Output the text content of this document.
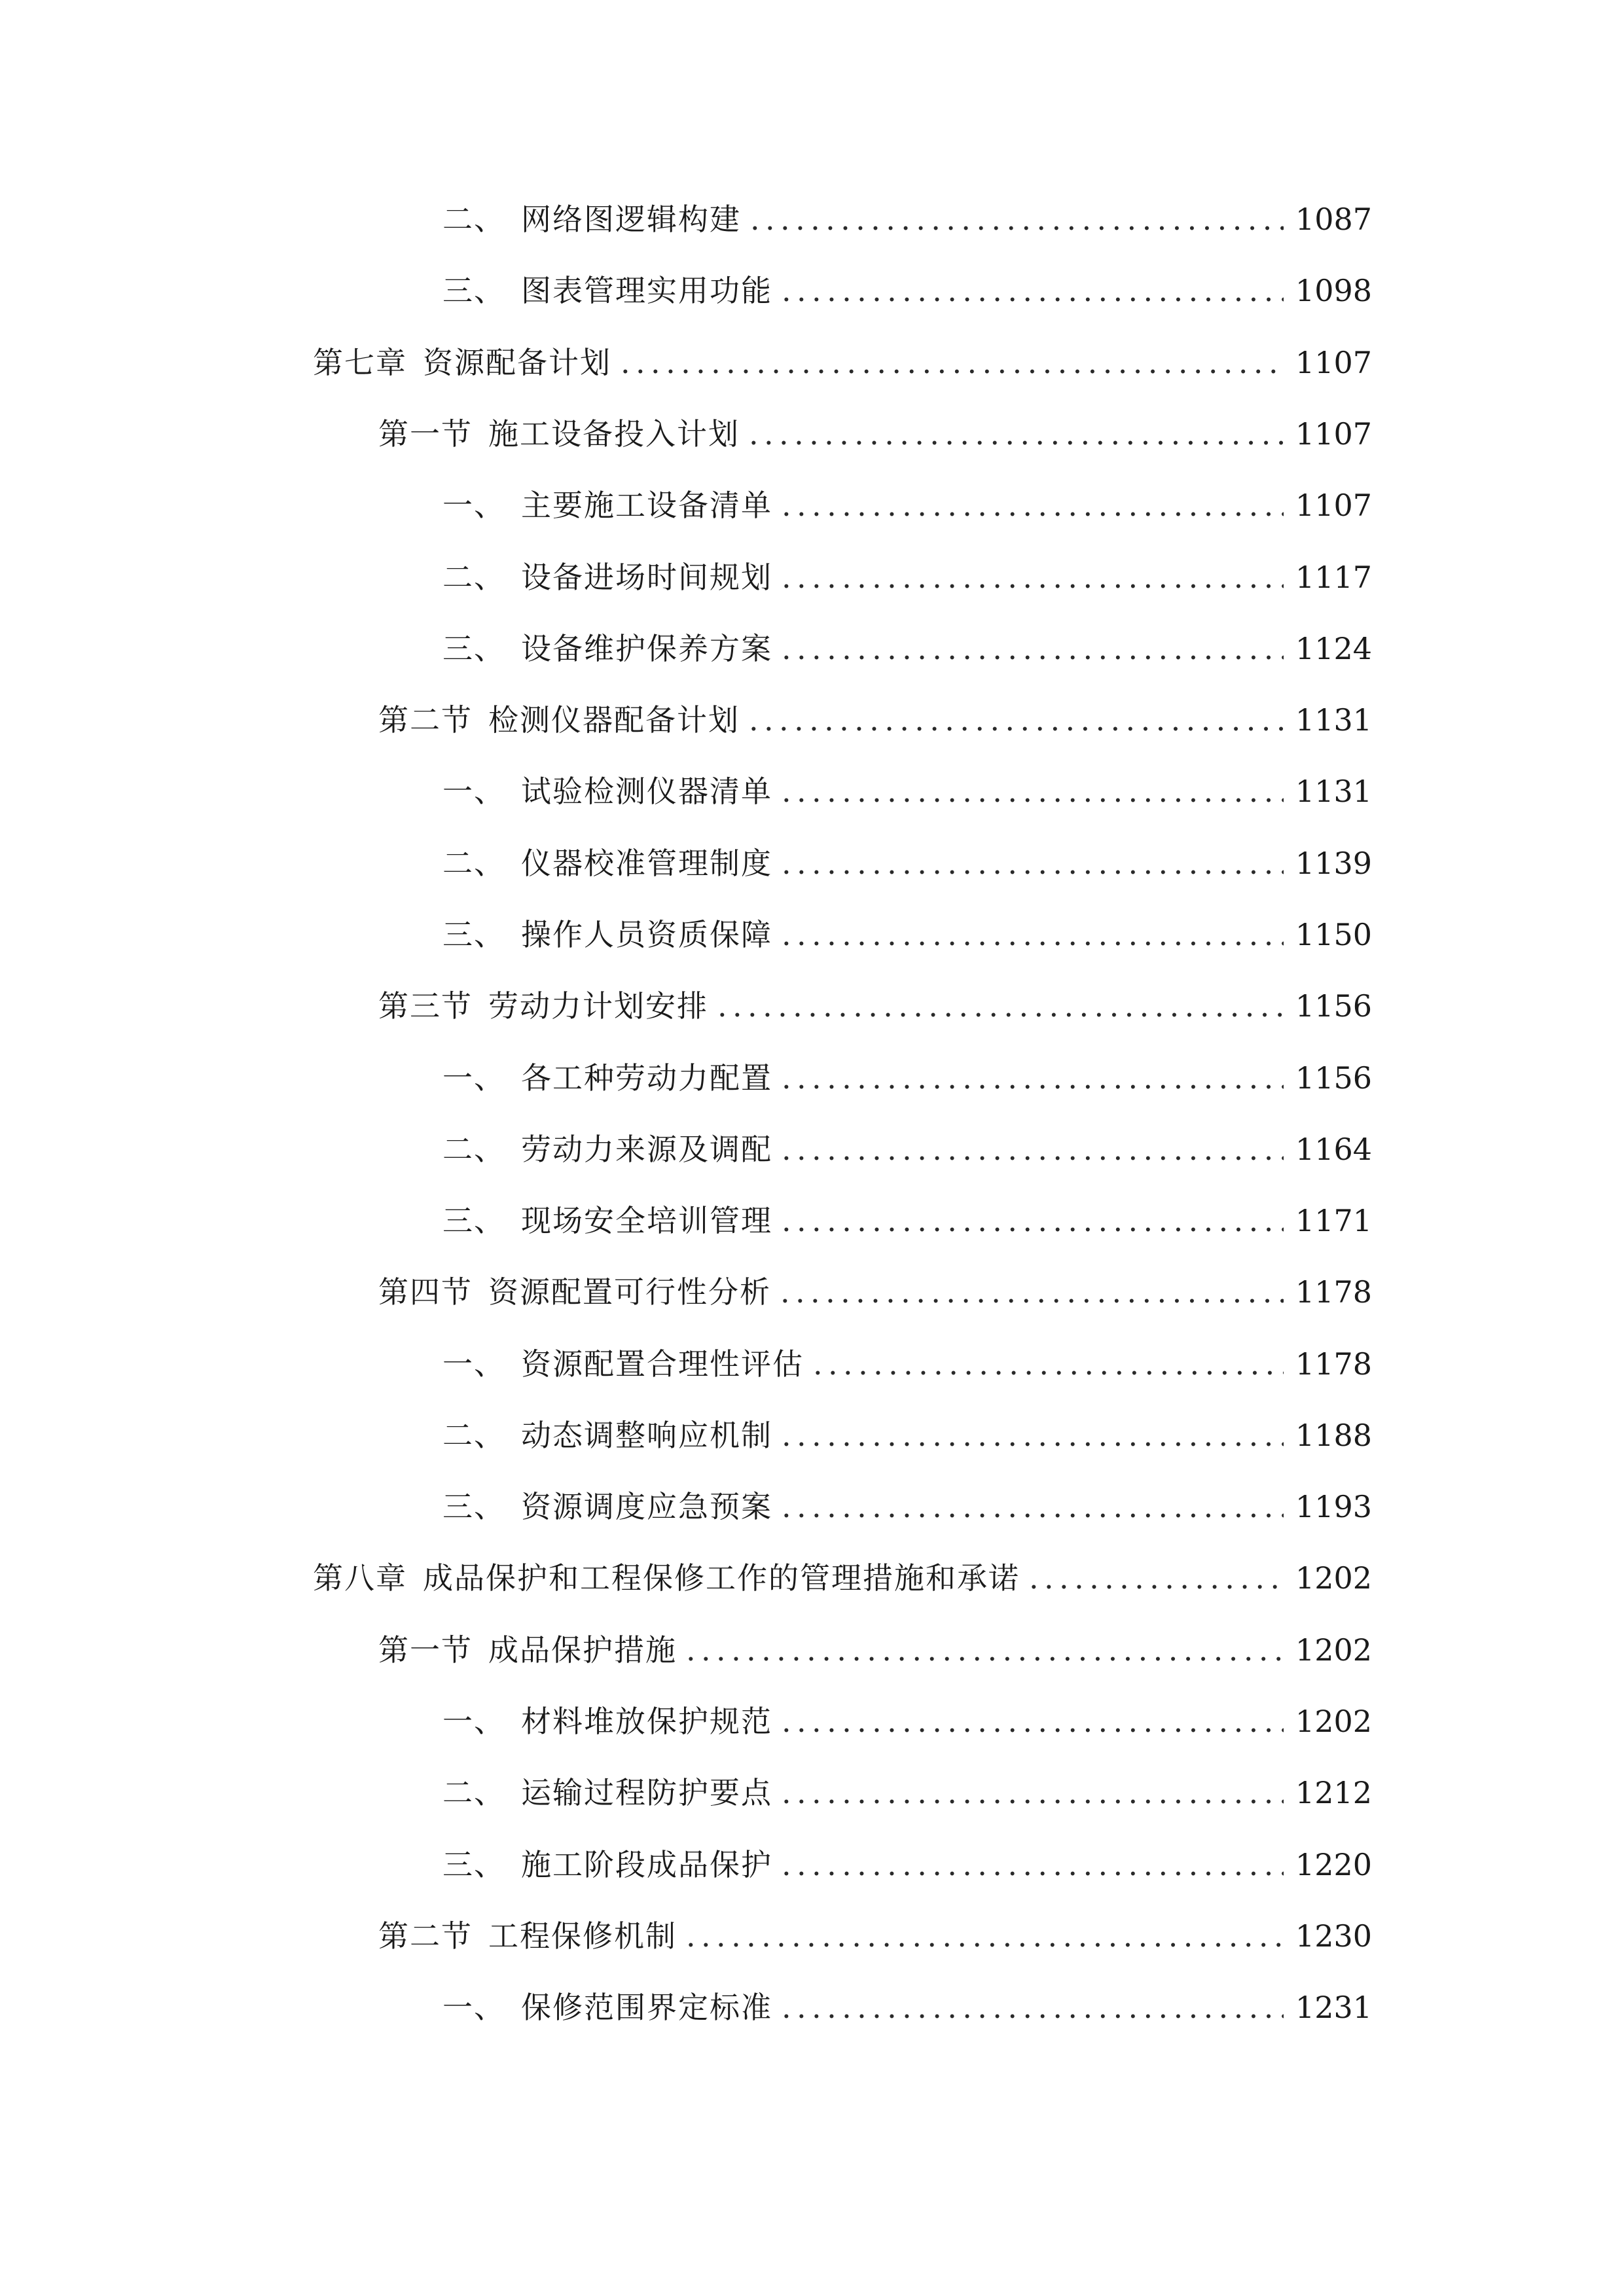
二、 网络图逻辑构建 .....	1087
三、 图表管理实用功能 .....	1098
第七章 资源配备计划 .....	1107
第一节 施工设备投入计划 .....	1107
一、 主要施工设备清单 .....	1107
二、 设备进场时间规划 .....	1117
三、 设备维护保养方案 .....	1124
第二节 检测仪器配备计划 .....	1131
一、 试验检测仪器清单 .....	1131
二、 仪器校准管理制度 .....	1139
三、 操作人员资质保障 .....	1150
第三节 劳动力计划安排 .....	1156
一、 各工种劳动力配置 .....	1156
二、 劳动力来源及调配 .....	1164
三、 现场安全培训管理 .....	1171
第四节 资源配置可行性分析 .....	1178
一、 资源配置合理性评估 .....	1178
二、 动态调整响应机制 .....	1188
三、 资源调度应急预案 .....	1193
第八章 成品保护和工程保修工作的管理措施和承诺 .....	1202
第一节 成品保护措施 .....	1202
一、 材料堆放保护规范 .....	1202
二、 运输过程防护要点 .....	1212
三、 施工阶段成品保护 .....	1220
第二节 工程保修机制 .....	1230
一、 保修范围界定标准 .....	1231
